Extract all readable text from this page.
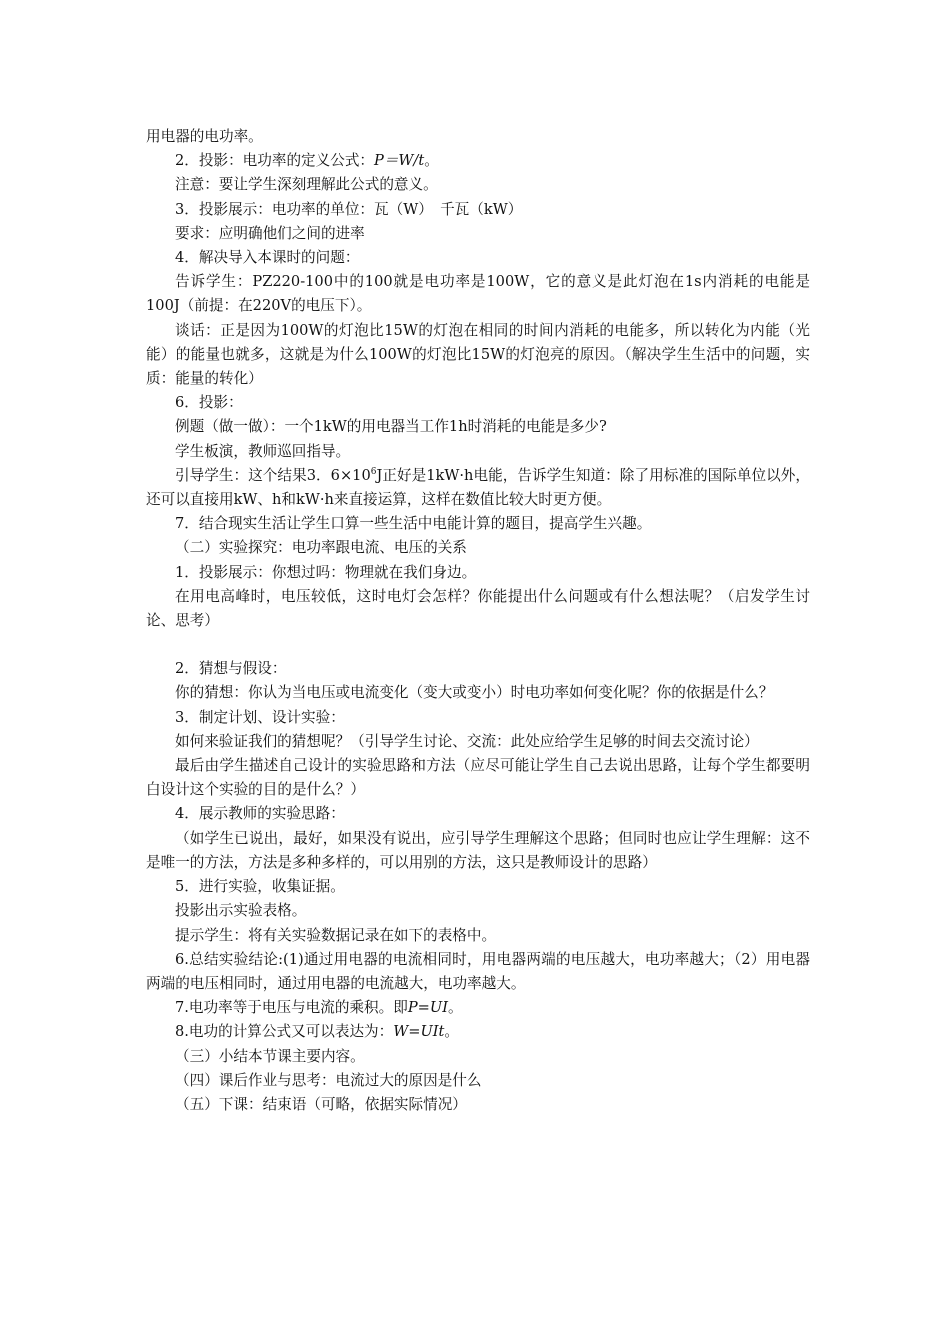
用电器的电功率。

2．投影：电功率的定义公式：P＝W/t。

注意：要让学生深刻理解此公式的意义。

3．投影展示：电功率的单位：瓦（W）　千瓦（kW）

要求：应明确他们之间的进率

4．解决导入本课时的问题：

告诉学生：PZ220-100中的100就是电功率是100W，它的意义是此灯泡在1s内消耗的电能是100J（前提：在220V的电压下）。

谈话：正是因为100W的灯泡比15W的灯泡在相同的时间内消耗的电能多，所以转化为内能（光能）的能量也就多，这就是为什么100W的灯泡比15W的灯泡亮的原因。（解决学生生活中的问题，实质：能量的转化）

6．投影：

例题（做一做）：一个1kW的用电器当工作1h时消耗的电能是多少?

学生板演，教师巡回指导。

引导学生：这个结果3．$6\times 10^6J$正好是1kW·h电能，告诉学生知道：除了用标准的国际单位以外，还可以直接用kW、h和kW·h来直接运算，这样在数值比较大时更方便。

7．结合现实生活让学生口算一些生活中电能计算的题目，提高学生兴趣。

（二）实验探究：电功率跟电流、电压的关系

1．投影展示：你想过吗：物理就在我们身边。

在用电高峰时，电压较低，这时电灯会怎样？你能提出什么问题或有什么想法呢？（启发学生讨论、思考）

2．猜想与假设：

你的猜想：你认为当电压或电流变化（变大或变小）时电功率如何变化呢？你的依据是什么？

3．制定计划、设计实验：

如何来验证我们的猜想呢？（引导学生讨论、交流：此处应给学生足够的时间去交流讨论）

最后由学生描述自己设计的实验思路和方法（应尽可能让学生自己去说出思路，让每个学生都要明白设计这个实验的目的是什么？）

4．展示教师的实验思路：

（如学生已说出，最好，如果没有说出，应引导学生理解这个思路；但同时也应让学生理解：这不是唯一的方法，方法是多种多样的，可以用别的方法，这只是教师设计的思路）

5．进行实验，收集证据。

投影出示实验表格。

提示学生：将有关实验数据记录在如下的表格中。

6.总结实验结论:(1)通过用电器的电流相同时，用电器两端的电压越大，电功率越大；（2）用电器两端的电压相同时，通过用电器的电流越大，电功率越大。

7.电功率等于电压与电流的乘积。即P=UI。

8.电功的计算公式又可以表达为：W=UIt。

（三）小结本节课主要内容。

（四）课后作业与思考：电流过大的原因是什么

（五）下课：结束语（可略，依据实际情况）
